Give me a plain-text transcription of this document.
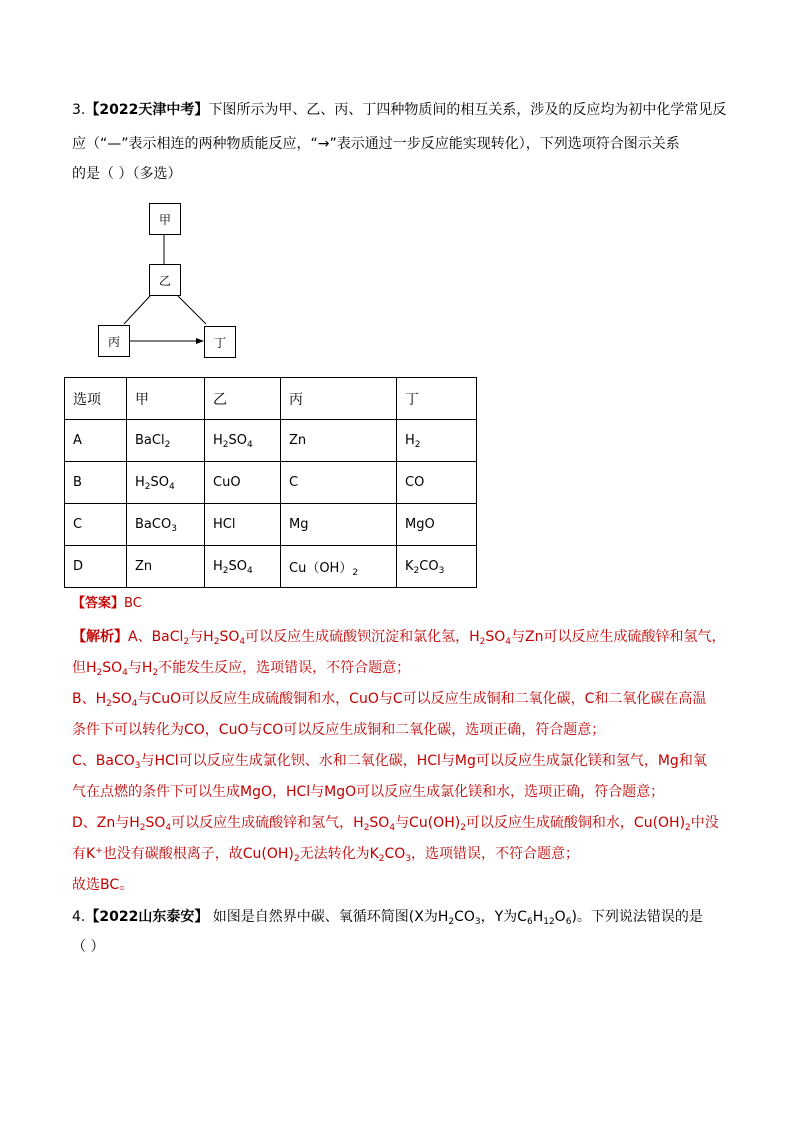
3.【2022天津中考】下图所示为甲、乙、丙、丁四种物质间的相互关系，涉及的反应均为初中化学常见反
应（“—”表示相连的两种物质能反应，“→”表示通过一步反应能实现转化），下列选项符合图示关系
的是（ ）（多选）
甲
乙
丙	丁
选项	甲	乙	丙	丁
A	BaCl$_2$	$H_2SO_4$	Zn	$H_2$
B	$H_2SO_4$	CuO	C	CO
C	BaCO$_3$	HCl	Mg	MgO
D	Zn	$H_2SO_4$	$Cu(OH)_2$	$K_2CO_3$
【答案】BC
【解析】A、BaCl$_2$与$H_2SO_4$可以反应生成硫酸钡沉淀和氯化氢，$H_2SO_4$与Zn可以反应生成硫酸锌和氢气，
但$H_2SO_4$与$H_2$不能发生反应，选项错误，不符合题意；
B、$H_2SO_4$与CuO可以反应生成硫酸铜和水，CuO与C可以反应生成铜和二氧化碳，C和二氧化碳在高温
条件下可以转化为CO，CuO与CO可以反应生成铜和二氧化碳，选项正确，符合题意；
C、BaCO$_3$与HCl可以反应生成氯化钡、水和二氧化碳，HCl与Mg可以反应生成氯化镁和氢气，Mg和氧
气在点燃的条件下可以生成MgO，HCl与MgO可以反应生成氯化镁和水，选项正确，符合题意；
D、Zn与$H_2SO_4$可以反应生成硫酸锌和氢气，$H_2SO_4$与$Cu(OH)_2$可以反应生成硫酸铜和水，$Cu(OH)_2$中没
有K+也没有碳酸根离子，故$Cu(OH)_2$无法转化为$K_2CO_3$，选项错误，不符合题意；
故选BC。
4.【2022山东泰安】 如图是自然界中碳、氧循环简图(X为$H_2CO_3$，Y为$C_6H_{12}O_6$)。下列说法错误的是
（ ）
